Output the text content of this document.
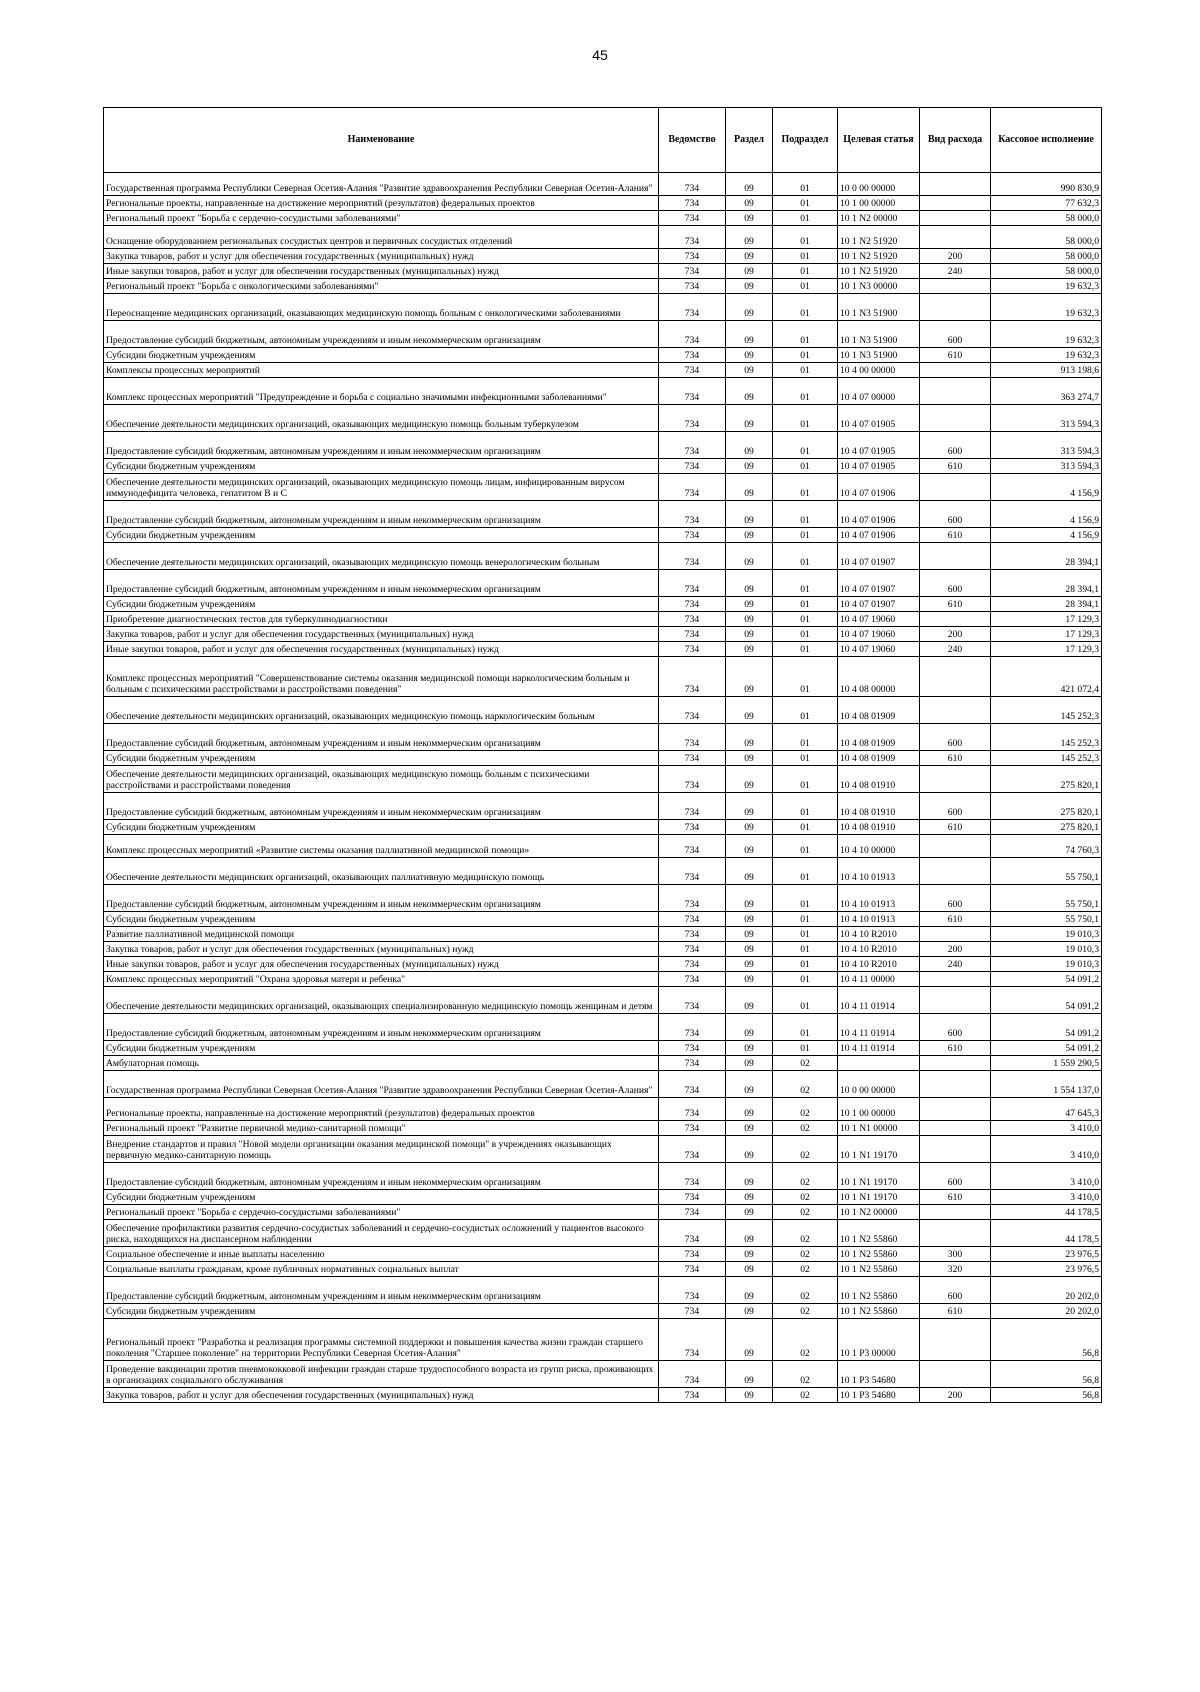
45
Наименование	Ведомство	Раздел	Подраздел	Целевая статья	Вид расхода	Кассовое исполнение
Государственная программа Республики Северная Осетия-Алания "Развитие здравоохранения Республики Северная Осетия-Алания"	734	09	01	10 0 00 00000		990 830,9
Региональные проекты, направленные на достижение мероприятий (результатов) федеральных проектов	734	09	01	10 1 00 00000		77 632,3
Региональный проект "Борьба с сердечно-сосудистыми заболеваниями"	734	09	01	10 1 N2 00000		58 000,0
Оснащение оборудованием региональных сосудистых центров и первичных сосудистых отделений	734	09	01	10 1 N2 51920		58 000,0
Закупка товаров, работ и услуг для обеспечения государственных (муниципальных) нужд	734	09	01	10 1 N2 51920	200	58 000,0
Иные закупки товаров, работ и услуг для обеспечения государственных (муниципальных) нужд	734	09	01	10 1 N2 51920	240	58 000,0
Региональный проект "Борьба с онкологическими заболеваниями"	734	09	01	10 1 N3 00000		19 632,3
Переоснащение медицинских организаций, оказывающих медицинскую помощь больным с онкологическими заболеваниями	734	09	01	10 1 N3 51900		19 632,3
Предоставление субсидий бюджетным, автономным учреждениям и иным некоммерческим организациям	734	09	01	10 1 N3 51900	600	19 632,3
Субсидии бюджетным учреждениям	734	09	01	10 1 N3 51900	610	19 632,3
Комплексы процессных мероприятий	734	09	01	10 4 00 00000		913 198,6
Комплекс процессных мероприятий "Предупреждение и борьба с социально значимыми инфекционными заболеваниями"	734	09	01	10 4 07 00000		363 274,7
Обеспечение деятельности медицинских организаций, оказывающих медицинскую помощь больным туберкулезом	734	09	01	10 4 07 01905		313 594,3
Предоставление субсидий бюджетным, автономным учреждениям и иным некоммерческим организациям	734	09	01	10 4 07 01905	600	313 594,3
Субсидии бюджетным учреждениям	734	09	01	10 4 07 01905	610	313 594,3
Обеспечение деятельности медицинских организаций, оказывающих медицинскую помощь лицам, инфицированным вирусом иммунодефицита человека, гепатитом В и С	734	09	01	10 4 07 01906		4 156,9
Предоставление субсидий бюджетным, автономным учреждениям и иным некоммерческим организациям	734	09	01	10 4 07 01906	600	4 156,9
Субсидии бюджетным учреждениям	734	09	01	10 4 07 01906	610	4 156,9
Обеспечение деятельности медицинских организаций, оказывающих медицинскую помощь венерологическим больным	734	09	01	10 4 07 01907		28 394,1
Предоставление субсидий бюджетным, автономным учреждениям и иным некоммерческим организациям	734	09	01	10 4 07 01907	600	28 394,1
Субсидии бюджетным учреждениям	734	09	01	10 4 07 01907	610	28 394,1
Приобретение диагностических тестов для туберкулинодиагностики	734	09	01	10 4 07 19060		17 129,3
Закупка товаров, работ и услуг для обеспечения государственных (муниципальных) нужд	734	09	01	10 4 07 19060	200	17 129,3
Иные закупки товаров, работ и услуг для обеспечения государственных (муниципальных) нужд	734	09	01	10 4 07 19060	240	17 129,3
Комплекс процессных мероприятий "Совершенствование системы оказания медицинской помощи наркологическим больным и больным с психическими расстройствами и расстройствами поведения"	734	09	01	10 4 08 00000		421 072,4
Обеспечение деятельности медицинских организаций, оказывающих медицинскую помощь наркологическим больным	734	09	01	10 4 08 01909		145 252,3
Предоставление субсидий бюджетным, автономным учреждениям и иным некоммерческим организациям	734	09	01	10 4 08 01909	600	145 252,3
Субсидии бюджетным учреждениям	734	09	01	10 4 08 01909	610	145 252,3
Обеспечение деятельности медицинских организаций, оказывающих медицинскую помощь больным с психическими расстройствами и расстройствами поведения	734	09	01	10 4 08 01910		275 820,1
Предоставление субсидий бюджетным, автономным учреждениям и иным некоммерческим организациям	734	09	01	10 4 08 01910	600	275 820,1
Субсидии бюджетным учреждениям	734	09	01	10 4 08 01910	610	275 820,1
Комплекс процессных мероприятий «Развитие системы оказания паллиативной медицинской помощи»	734	09	01	10 4 10 00000		74 760,3
Обеспечение деятельности медицинских организаций, оказывающих паллиативную медицинскую помощь	734	09	01	10 4 10 01913		55 750,1
Предоставление субсидий бюджетным, автономным учреждениям и иным некоммерческим организациям	734	09	01	10 4 10 01913	600	55 750,1
Субсидии бюджетным учреждениям	734	09	01	10 4 10 01913	610	55 750,1
Развитие паллиативной медицинской помощи	734	09	01	10 4 10 R2010		19 010,3
Закупка товаров, работ и услуг для обеспечения государственных (муниципальных) нужд	734	09	01	10 4 10 R2010	200	19 010,3
Иные закупки товаров, работ и услуг для обеспечения государственных (муниципальных) нужд	734	09	01	10 4 10 R2010	240	19 010,3
Комплекс процессных мероприятий "Охрана здоровья матери и ребенка"	734	09	01	10 4 11 00000		54 091,2
Обеспечение деятельности медицинских организаций, оказывающих специализированную медицинскую помощь женщинам и детям	734	09	01	10 4 11 01914		54 091,2
Предоставление субсидий бюджетным, автономным учреждениям и иным некоммерческим организациям	734	09	01	10 4 11 01914	600	54 091,2
Субсидии бюджетным учреждениям	734	09	01	10 4 11 01914	610	54 091,2
Амбулаторная помощь	734	09	02			1 559 290,5
Государственная программа Республики Северная Осетия-Алания "Развитие здравоохранения Республики Северная Осетия-Алания"	734	09	02	10 0 00 00000		1 554 137,0
Региональные проекты, направленные на достижение мероприятий (результатов) федеральных проектов	734	09	02	10 1 00 00000		47 645,3
Региональный проект "Развитие первичной медико-санитарной помощи"	734	09	02	10 1 N1 00000		3 410,0
Внедрение стандартов и правил "Новой модели организации оказания медицинской помощи" в учреждениях оказывающих первичную медико-санитарную помощь	734	09	02	10 1 N1 19170		3 410,0
Предоставление субсидий бюджетным, автономным учреждениям и иным некоммерческим организациям	734	09	02	10 1 N1 19170	600	3 410,0
Субсидии бюджетным учреждениям	734	09	02	10 1 N1 19170	610	3 410,0
Региональный проект "Борьба с сердечно-сосудистыми заболеваниями"	734	09	02	10 1 N2 00000		44 178,5
Обеспечение профилактики развития сердечно-сосудистых заболеваний и сердечно-сосудистых осложнений у пациентов высокого риска, находящихся на диспансерном наблюдении	734	09	02	10 1 N2 55860		44 178,5
Социальное обеспечение и иные выплаты населению	734	09	02	10 1 N2 55860	300	23 976,5
Социальные выплаты гражданам, кроме публичных нормативных социальных выплат	734	09	02	10 1 N2 55860	320	23 976,5
Предоставление субсидий бюджетным, автономным учреждениям и иным некоммерческим организациям	734	09	02	10 1 N2 55860	600	20 202,0
Субсидии бюджетным учреждениям	734	09	02	10 1 N2 55860	610	20 202,0
Региональный проект "Разработка и реализация программы системной поддержки и повышения качества жизни граждан старшего поколения "Старшее поколение" на территории Республики Северная Осетия-Алания"	734	09	02	10 1 P3 00000		56,8
Проведение вакцинации против пневмококковой инфекции граждан старше трудоспособного возраста из групп риска, проживающих в организациях социального обслуживания	734	09	02	10 1 P3 54680		56,8
Закупка товаров, работ и услуг для обеспечения государственных (муниципальных) нужд	734	09	02	10 1 P3 54680	200	56,8
